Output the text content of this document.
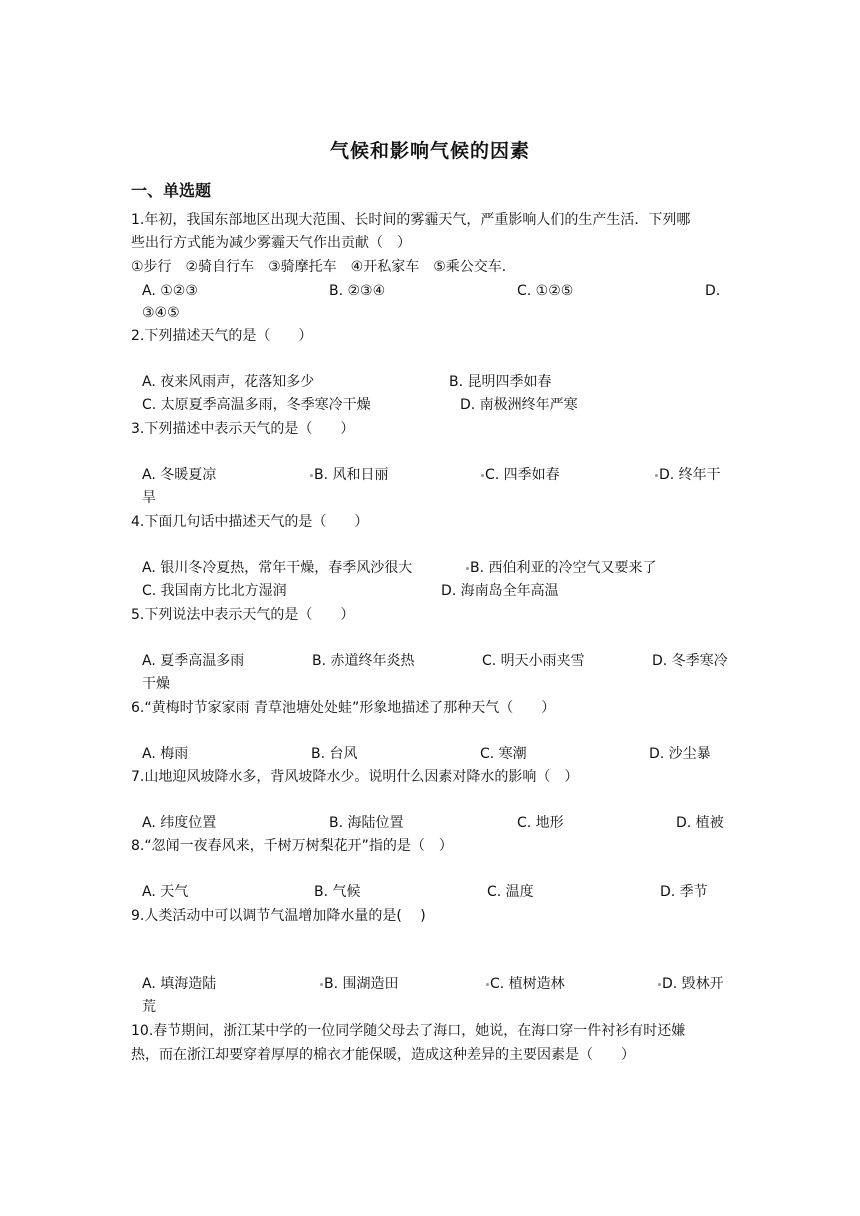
气候和影响气候的因素
一、单选题
1.年初，我国东部地区出现大范围、长时间的雾霾天气，严重影响人们的生产生活．下列哪
些出行方式能为减少雾霾天气作出贡献（　）
①步行　②骑自行车　③骑摩托车　④开私家车　⑤乘公交车．
A. ①②③	B. ②③④	C. ①②⑤	D.
③④⑤
2.下列描述天气的是（　　）
A. 夜来风雨声，花落知多少	B. 昆明四季如春
C. 太原夏季高温多雨，冬季寒冷干燥	D. 南极洲终年严寒
3.下列描述中表示天气的是（　　）
A. 冬暖夏凉	B. 风和日丽	C. 四季如春	D. 终年干
旱
4.下面几句话中描述天气的是（　　）
A. 银川冬冷夏热，常年干燥，春季风沙很大	B. 西伯利亚的冷空气又要来了
C. 我国南方比北方湿润	D. 海南岛全年高温
5.下列说法中表示天气的是（　　）
A. 夏季高温多雨	B. 赤道终年炎热	C. 明天小雨夹雪	D. 冬季寒冷
干燥
6.“黄梅时节家家雨 青草池塘处处蛙”形象地描述了那种天气（　　）
A. 梅雨	B. 台风	C. 寒潮	D. 沙尘暴
7.山地迎风坡降水多，背风坡降水少。说明什么因素对降水的影响（　）
A. 纬度位置	B. 海陆位置	C. 地形	D. 植被
8.“忽闻一夜春风来，千树万树梨花开”指的是（　）
A. 天气	B. 气候	C. 温度	D. 季节
9.人类活动中可以调节气温增加降水量的是(　 )
A. 填海造陆	B. 围湖造田	C. 植树造林	D. 毁林开
荒
10.春节期间，浙江某中学的一位同学随父母去了海口，她说，在海口穿一件衬衫有时还嫌
热，而在浙江却要穿着厚厚的棉衣才能保暖，造成这种差异的主要因素是（　　）
